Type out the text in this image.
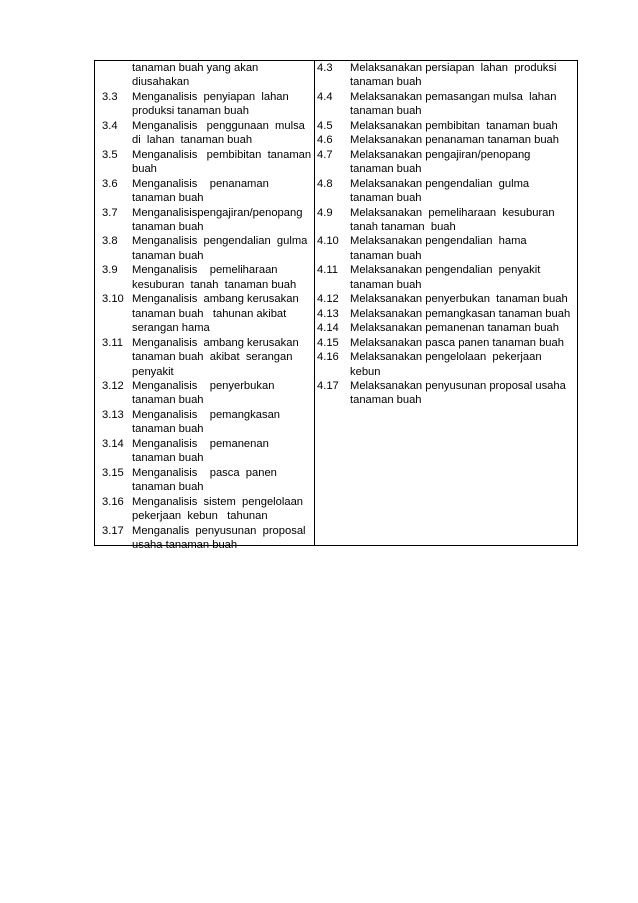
tanaman buah yang akan
diusahakan
3.3	Menganalisis  penyiapan  lahan
produksi tanaman buah
3.4	Menganalisis   penggunaan  mulsa
di  lahan  tanaman buah
3.5	Menganalisis   pembibitan  tanaman
buah
3.6	Menganalisis    penanaman
tanaman buah
3.7	Menganalisispengajiran/penopang
tanaman buah
3.8	Menganalisis  pengendalian  gulma
tanaman buah
3.9	Menganalisis    pemeliharaan
kesuburan  tanah  tanaman buah
3.10 Menganalisis  ambang kerusakan
tanaman buah   tahunan akibat
serangan hama
3.11 Menganalisis  ambang kerusakan
tanaman buah  akibat  serangan
penyakit
3.12 Menganalisis    penyerbukan
tanaman buah
3.13 Menganalisis    pemangkasan
tanaman buah
3.14 Menganalisis    pemanenan
tanaman buah
3.15 Menganalisis    pasca  panen
tanaman buah
3.16 Menganalisis  sistem  pengelolaan
pekerjaan  kebun   tahunan
3.17 Menganalis  penyusunan  proposal
usaha tanaman buah
4.3	Melaksanakan persiapan  lahan  produksi
tanaman buah
4.4	Melaksanakan pemasangan mulsa  lahan
tanaman buah
4.5	Melaksanakan pembibitan  tanaman buah
4.6	Melaksanakan penanaman tanaman buah
4.7	Melaksanakan pengajiran/penopang
tanaman buah
4.8	Melaksanakan pengendalian  gulma
tanaman buah
4.9	Melaksanakan  pemeliharaan  kesuburan
tanah tanaman  buah
4.10	Melaksanakan pengendalian  hama
tanaman buah
4.11	Melaksanakan pengendalian  penyakit
tanaman buah
4.12	Melaksanakan penyerbukan  tanaman buah
4.13	Melaksanakan pemangkasan tanaman buah
4.14	Melaksanakan pemanenan tanaman buah
4.15	Melaksanakan pasca panen tanaman buah
4.16	Melaksanakan pengelolaan  pekerjaan
kebun
4.17	Melaksanakan penyusunan proposal usaha
tanaman buah
